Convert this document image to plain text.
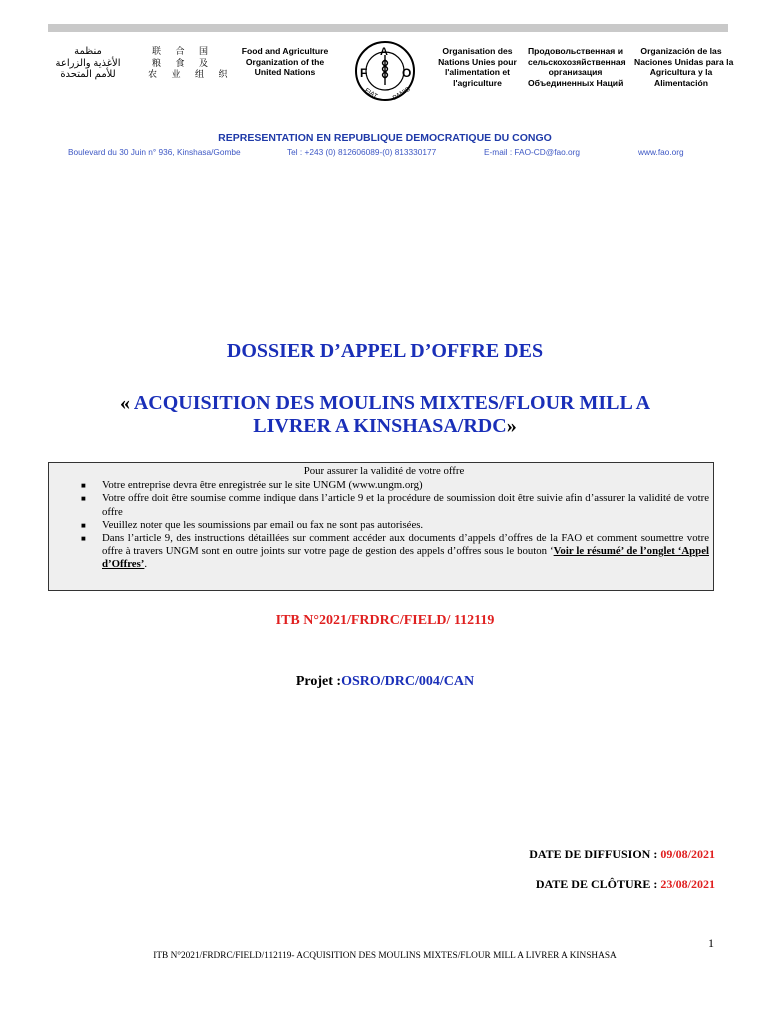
منظمة
الأغذية والزراعة
للأمم المتحدة
联 合 国
粮 食 及
农 业 组 织
Food and Agriculture
Organization of the
United Nations	F
A
O
FIAT PANIS
Organisation des
Nations Unies pour
l'alimentation et
l'agriculture
Продовольственная и
сельскохозяйственная
организация
Объединенных Наций
Organización de las
Naciones Unidas para la
Agricultura y la
Alimentación
REPRESENTATION EN REPUBLIQUE DEMOCRATIQUE DU CONGO
Boulevard du 30 Juin n° 936, Kinshasa/Gombe	Tel : +243 (0) 812606089-(0) 813330177	E-mail : FAO-CD@fao.org	www.fao.org
DOSSIER D’APPEL D’OFFRE DES
« ACQUISITION DES MOULINS MIXTES/FLOUR MILL A
LIVRER A KINSHASA/RDC»
Pour assurer la validité de votre offre
■ Votre entreprise devra être enregistrée sur le site UNGM (www.ungm.org)
■ Votre offre doit être soumise comme indique dans l’article 9 et la procédure de soumission doit être suivie afin d’assurer la validité de votre offre
■ Veuillez noter que les soumissions par email ou fax ne sont pas autorisées.
■ Dans l’article 9, des instructions détaillées sur comment accéder aux documents d’appels d’offres de la FAO et comment soumettre votre offre à travers UNGM sont en outre joints sur votre page de gestion des appels d’offres sous le bouton ‘Voir le résumé’ de l’onglet ‘Appel d’Offres’.
ITB N°2021/FRDRC/FIELD/ 112119
Projet :OSRO/DRC/004/CAN
DATE DE DIFFUSION : 09/08/2021
DATE DE CLÔTURE : 23/08/2021
1
ITB N°2021/FRDRC/FIELD/112119- ACQUISITION DES MOULINS MIXTES/FLOUR MILL A LIVRER A KINSHASA
